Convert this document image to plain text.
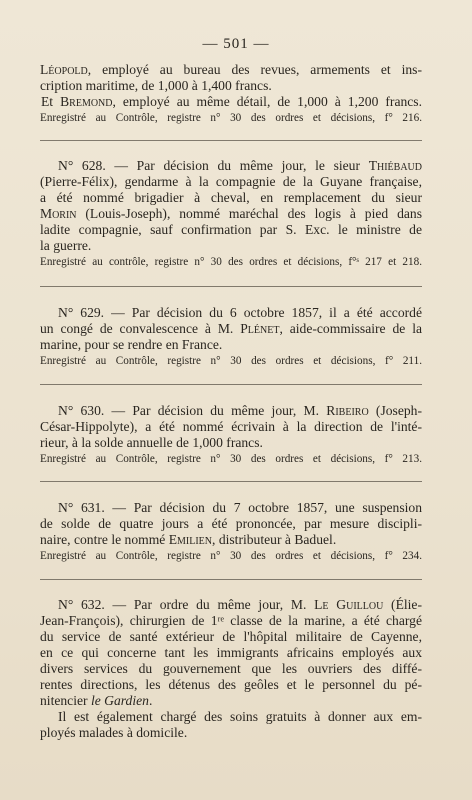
— 501 —
Léopold, employé au bureau des revues, armements et ins-
cription maritime, de 1,000 à 1,400 francs.
Et Bremond, employé au même détail, de 1,000 à 1,200 francs.
Enregistré au Contrôle, registre n° 30 des ordres et décisions, f° 216.
N° 628. — Par décision du même jour, le sieur Thiébaud
(Pierre-Félix), gendarme à la compagnie de la Guyane française,
a été nommé brigadier à cheval, en remplacement du sieur
Morin (Louis-Joseph), nommé maréchal des logis à pied dans
ladite compagnie, sauf confirmation par S. Exc. le ministre de
la guerre.
Enregistré au contrôle, registre n° 30 des ordres et décisions, f°ˢ 217 et 218.
N° 629. — Par décision du 6 octobre 1857, il a été accordé
un congé de convalescence à M. Plénet, aide-commissaire de la
marine, pour se rendre en France.
Enregistré au Contrôle, registre n° 30 des ordres et décisions, f° 211.
N° 630. — Par décision du même jour, M. Ribeiro (Joseph-
César-Hippolyte), a été nommé écrivain à la direction de l'inté-
rieur, à la solde annuelle de 1,000 francs.
Enregistré au Contrôle, registre n° 30 des ordres et décisions, f° 213.
N° 631. — Par décision du 7 octobre 1857, une suspension
de solde de quatre jours a été prononcée, par mesure discipli-
naire, contre le nommé Emilien, distributeur à Baduel.
Enregistré au Contrôle, registre n° 30 des ordres et décisions, f° 234.
N° 632. — Par ordre du même jour, M. Le Guillou (Élie-
Jean-François), chirurgien de 1ʳᵉ classe de la marine, a été chargé
du service de santé extérieur de l'hôpital militaire de Cayenne,
en ce qui concerne tant les immigrants africains employés aux
divers services du gouvernement que les ouvriers des diffé-
rentes directions, les détenus des geôles et le personnel du pé-
nitencier le Gardien.
Il est également chargé des soins gratuits à donner aux em-
ployés malades à domicile.
